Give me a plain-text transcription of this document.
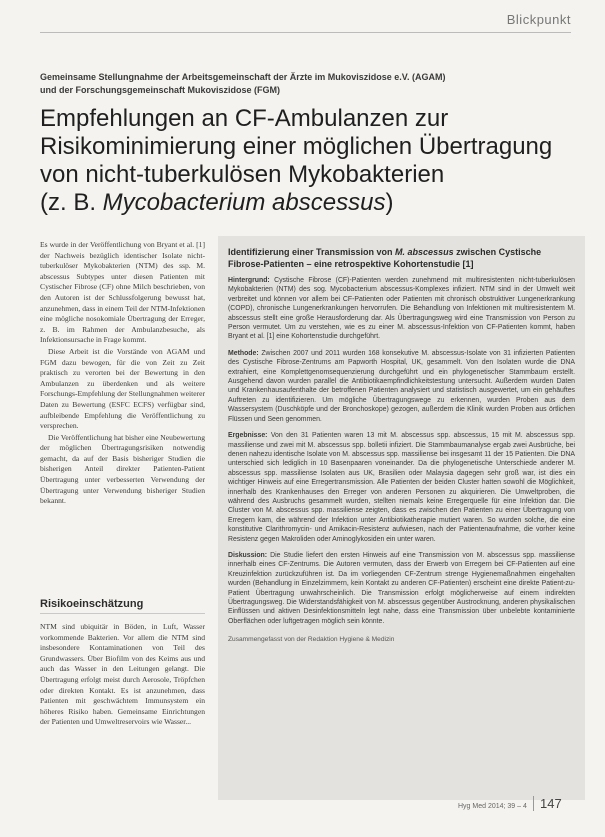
Blickpunkt
Gemeinsame Stellungnahme der Arbeitsgemeinschaft der Ärzte im Mukoviszidose e.V. (AGAM)
und der Forschungsgemeinschaft Mukoviszidose (FGM)
Empfehlungen an CF-Ambulanzen zur
Risikominimierung einer möglichen Übertragung
von nicht-tuberkulösen Mykobakterien
(z. B. Mycobacterium abscessus)

Es wurde in der Veröffentlichung von Bryant et al. [1] der Nachweis bezüglich identischer Isolate nicht-tuberkulöser Mykobakterien (NTM) des ssp. M. abscessus Subtypes unter diesen Patienten mit Cystischer Fibrose (CF) ohne Milch beschrieben, von den Autoren ist der Schlussfolgerung bewusst hat, anzunehmen, dass in einem Teil der NTM-Infektionen eine mögliche nosokomiale Übertragung der Erreger, z. B. im Rahmen der Ambulanzbesuche, als Infektionsursache in Frage kommt.

Diese Arbeit ist die Vorstände von AGAM und FGM dazu bewogen, für die von Zeit zu Zeit praktisch zu verorten bei der Bewertung in den Ambulanzen zu überdenken und als weitere Forschungs-Empfehlung der Stellungnahmen weiterer Daten zu Bewertung (ESFC ECFS) verfügbar sind, aufbleibende Empfehlung die Veröffentlichung zu versprechen.

Die Veröffentlichung hat bisher eine Neubewertung der möglichen Übertragungsrisiken notwendig gemacht, da auf der Basis bisheriger Studien die bisherigen Anteil direkter Patienten-Patient Übertragung unter verbesserten Verwendung der Übertragung unter Verwendung bisheriger Studien bekannt.

Risikoeinschätzung

NTM sind ubiquitär in Böden, in Luft, Wasser vorkommende Bakterien. Vor allem die NTM sind insbesondere Kontaminationen von Teil des Grundwassers. Über Biofilm von des Keims aus und auch das Wasser in den Leitungen gelangt. Die Übertragung erfolgt meist durch Aerosole, Tröpfchen oder direkten Kontakt. Es ist anzunehmen, dass Patienten mit geschwächtem Immunsystem ein höheres Risiko haben. Gemeinsame Einrichtungen der Patienten und Umweltreservoirs wie Wasser...

Identifizierung einer Transmission von M. abscessus zwischen Cystische Fibrose-Patienten – eine retrospektive Kohortenstudie [1]

Hintergrund: Cystische Fibrose (CF)-Patienten werden zunehmend mit multiresistenten nicht-tuberkulösen Mykobakterien (NTM) des sog. Mycobacterium abscessus-Komplexes infiziert. NTM sind in der Umwelt weit verbreitet und können vor allem bei CF-Patienten oder Patienten mit chronisch obstruktiver Lungenerkrankung (COPD), chronische Lungenerkrankungen hervorrufen. Die Behandlung von Infektionen mit multiresistentem M. abscessus stellt eine große Herausforderung dar. Als Übertragungsweg wird eine Transmission von Person zu Person vermutet. Um zu verstehen, wie es zu einer M. abscessus-Infektion von CF-Patienten kommt, haben Bryant et al. [1] eine Kohortenstudie durchgeführt.

Methode: Zwischen 2007 und 2011 wurden 168 konsekutive M. abscessus-Isolate von 31 infizierten Patienten des Cystische Fibrose-Zentrums am Papworth Hospital, UK, gesammelt. Von den Isolaten wurde die DNA extrahiert, eine Komplettgenomsequenzierung durchgeführt und ein phylogenetischer Stammbaum erstellt. Ausgehend davon wurden parallel die Antibiotikaempfindlichkeitstestung untersucht. Außerdem wurden Daten und Krankenhausaufenthalte der betroffenen Patienten analysiert und statistisch ausgewertet, um ein gehäuftes Auftreten zu identifizieren. Um mögliche Übertragungswege zu erkennen, wurden Proben aus dem Wassersystem (Duschköpfe und der Bronchoskope) gezogen, außerdem die Klinik wurden Proben aus örtlichen Flüssen und Seen genommen.

Ergebnisse: Von den 31 Patienten waren 13 mit M. abscessus spp. abscessus, 15 mit M. abscessus spp. massiliense und zwei mit M. abscessus spp. bolletii infiziert. Die Stammbaumanalyse ergab zwei Ausbrüche, bei denen nahezu identische Isolate von M. abscessus spp. massiliense bei insgesamt 11 der 15 Patienten. Die DNA unterschied sich lediglich in 10 Basenpaaren voneinander. Da die phylogenetische Unterschiede anderer M. abscessus spp. massiliense Isolaten aus UK, Brasilien oder Malaysia dagegen sehr groß war, ist dies ein wichtiger Hinweis auf eine Erregertransmission. Alle Patienten der beiden Cluster hatten sowohl die Möglichkeit, innerhalb des Krankenhauses den Erreger von anderen Personen zu akquirieren. Die Umweltproben, die während des Ausbruchs gesammelt wurden, stellten niemals keine Erregerquelle für eine Infektion dar. Die Cluster von M. abscessus spp. massiliense zeigten, dass es zwischen den Patienten zu einer Übertragung von Erregern kam, die während der Infektion unter Antibiotikatherapie mutiert waren. So wurden solche, die eine konstitutive Clarithromycin- und Amikacin-Resistenz aufwiesen, nach der Patientenaufnahme, die vorher keine Resistenz gegen Makroliden oder Aminoglykosiden ein unter waren.

Diskussion: Die Studie liefert den ersten Hinweis auf eine Transmission von M. abscessus spp. massiliense innerhalb eines CF-Zentrums. Die Autoren vermuten, dass der Erwerb von Erregern bei CF-Patienten auf eine Kreuzinfektion zurückzuführen ist. Da im vorliegenden CF-Zentrum strenge Hygienemaßnahmen eingehalten wurden (Behandlung in Einzelzimmern, kein Kontakt zu anderen CF-Patienten) erscheint eine direkte Patient-zu-Patient Übertragung unwahrscheinlich. Die Transmission erfolgt möglicherweise auf einem indirekten Übertragungsweg. Die Widerstandsfähigkeit von M. abscessus gegenüber Austrocknung, anderen physikalischen Einflüssen und aktiven Desinfektionsmitteln legt nahe, dass eine Transmission über unbelebte kontaminierte Oberflächen oder luftgetragen möglich sein könnte.

Zusammengefasst von der Redaktion Hygiene & Medizin

Hyg Med 2014; 39 – 4	147
